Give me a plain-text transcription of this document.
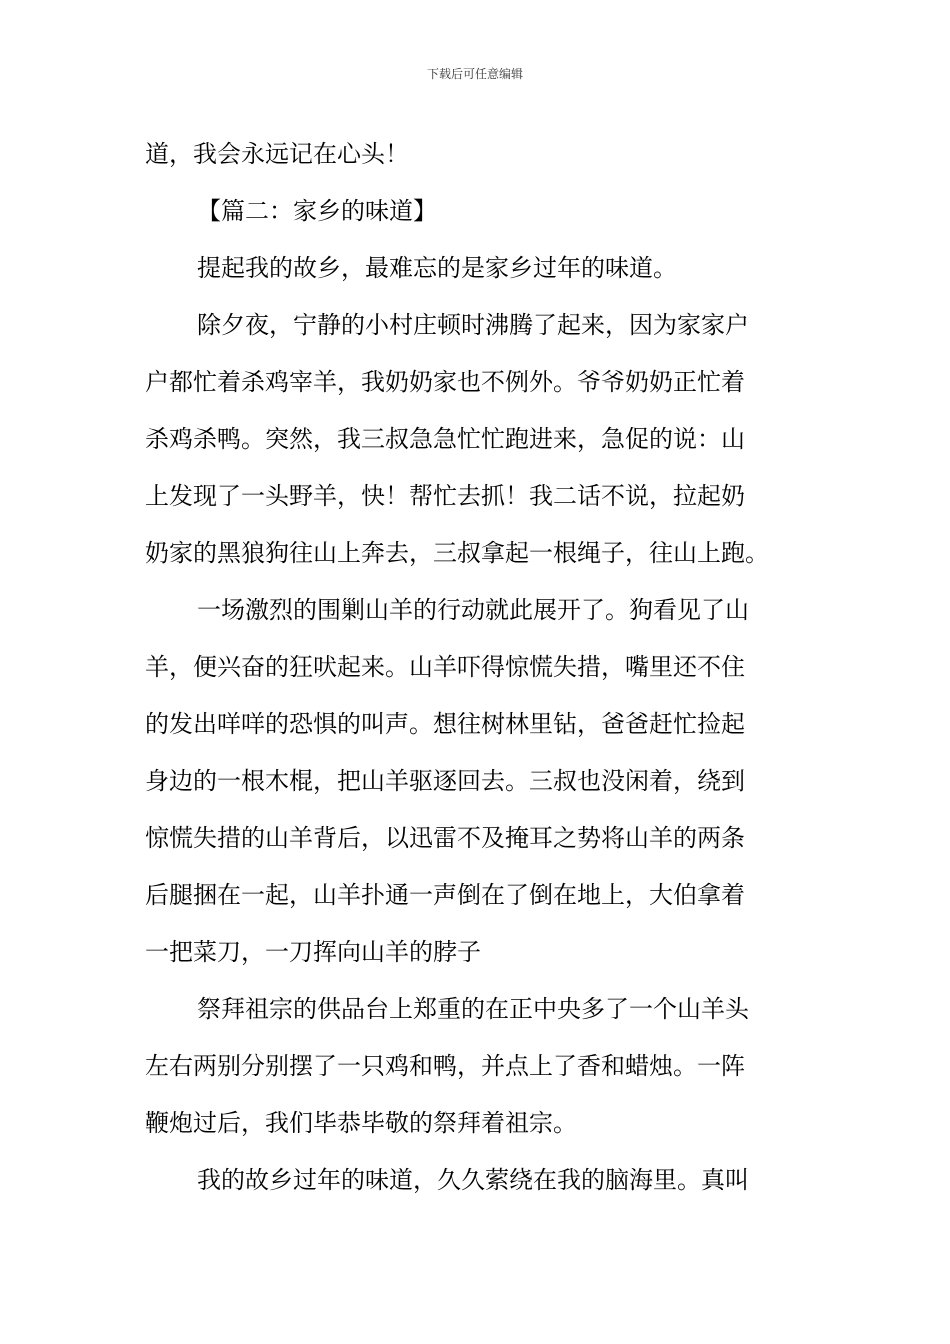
下载后可任意编辑
道，我会永远记在心头！
【篇二：家乡的味道】
提起我的故乡，最难忘的是家乡过年的味道。
除夕夜，宁静的小村庄顿时沸腾了起来，因为家家户
户都忙着杀鸡宰羊，我奶奶家也不例外。爷爷奶奶正忙着
杀鸡杀鸭。突然，我三叔急急忙忙跑进来，急促的说：山
上发现了一头野羊，快！帮忙去抓！我二话不说，拉起奶
奶家的黑狼狗往山上奔去，三叔拿起一根绳子，往山上跑。
一场激烈的围剿山羊的行动就此展开了。狗看见了山
羊，便兴奋的狂吠起来。山羊吓得惊慌失措，嘴里还不住
的发出咩咩的恐惧的叫声。想往树林里钻，爸爸赶忙捡起
身边的一根木棍，把山羊驱逐回去。三叔也没闲着，绕到
惊慌失措的山羊背后，以迅雷不及掩耳之势将山羊的两条
后腿捆在一起，山羊扑通一声倒在了倒在地上，大伯拿着
一把菜刀，一刀挥向山羊的脖子
祭拜祖宗的供品台上郑重的在正中央多了一个山羊头
左右两别分别摆了一只鸡和鸭，并点上了香和蜡烛。一阵
鞭炮过后，我们毕恭毕敬的祭拜着祖宗。
我的故乡过年的味道，久久萦绕在我的脑海里。真叫
